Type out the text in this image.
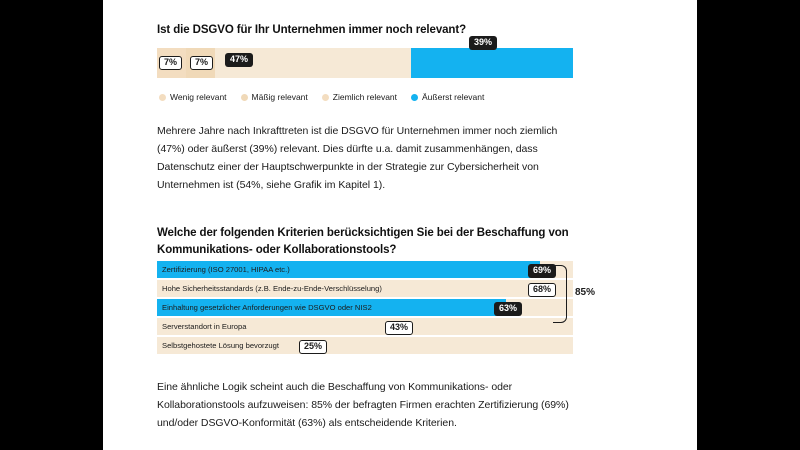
Ist die DSGVO für Ihr Unternehmen immer noch relevant?
7%	7%	47%
39%
Wenig relevant	Mäßig relevant	Ziemlich relevant	Äußerst relevant
Mehrere Jahre nach Inkrafttreten ist die DSGVO für Unternehmen immer noch ziemlich (47%) oder äußerst (39%) relevant. Dies dürfte u.a. damit zusammenhängen, dass Datenschutz einer der Hauptschwerpunkte in der Strategie zur Cybersicherheit von Unternehmen ist (54%, siehe Grafik im Kapitel 1).
Welche der folgenden Kriterien berücksichtigen Sie bei der Beschaffung von Kommunikations- oder Kollaborationstools?
Zertifizierung (ISO 27001, HIPAA etc.)	69%
Hohe Sicherheitsstandards (z.B. Ende-zu-Ende-Verschlüsselung)	68%
Einhaltung gesetzlicher Anforderungen wie DSGVO oder NIS2	63%
Serverstandort in Europa	43%
Selbstgehostete Lösung bevorzugt	25%
85%
Eine ähnliche Logik scheint auch die Beschaffung von Kommunikations- oder Kollaborationstools aufzuweisen: 85% der befragten Firmen erachten Zertifizierung (69%) und/oder DSGVO-Konformität (63%) als entscheidende Kriterien.
